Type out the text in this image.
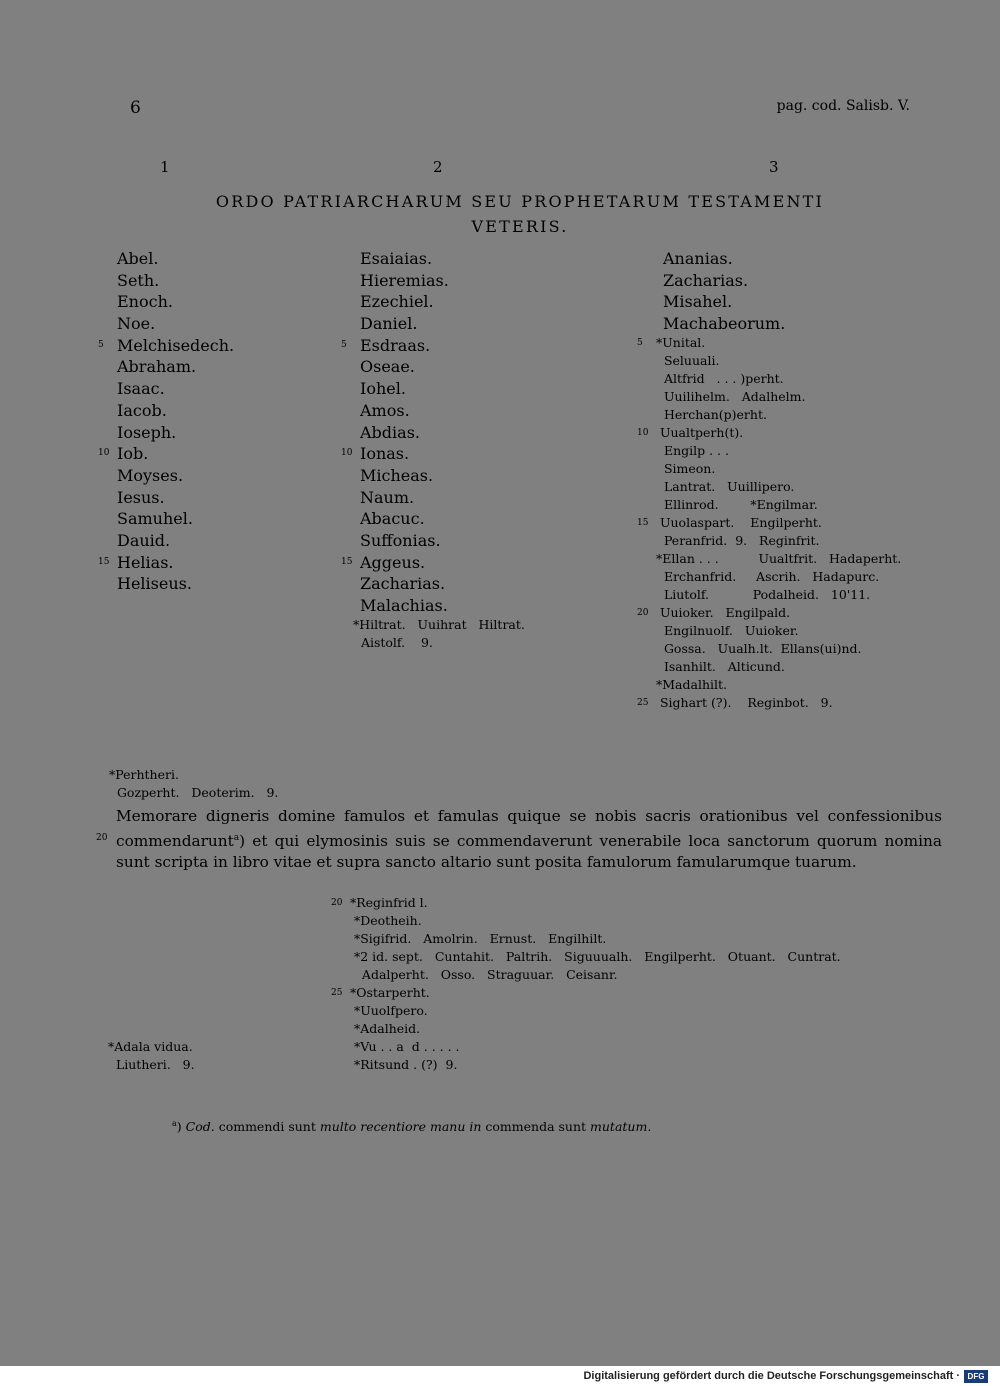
6	pag. cod. Salisb. V.
1	2	3
ORDO PATRIARCHARUM SEU PROPHETARUM TESTAMENTI
VETERIS.
Abel.
Seth.
Enoch.
Noe.
5 Melchisedech.
Abraham.
Isaac.
Iacob.
Ioseph.
10 Iob.
Moyses.
Iesus.
Samuhel.
Dauid.
15 Helias.
Heliseus.
Esaiaias.
Hieremias.
Ezechiel.
Daniel.
5 Esdraas.
Oseae.
Iohel.
Amos.
Abdias.
10 Ionas.
Micheas.
Naum.
Abacuc.
Suffonias.
15 Aggeus.
Zacharias.
Malachias.
*Hiltrat.   Uuihrat   Hiltrat.
Aistolf.    9.
Ananias.
Zacharias.
Misahel.
Machabeorum.
5 *Unital.
Seluuali.
Altfrid   . . . )perht.
Uuilihelm.   Adalhelm.
Herchan(p)erht.
10 Uualtperh(t).
Engilp . . .
Simeon.
Lantrat.   Uuillipero.
Ellinrod.        *Engilmar.
15 Uuolaspart.    Engilperht.
Peranfrid.  9.   Reginfrit.
*Ellan . . .          Uualtfrit.   Hadaperht.
Erchanfrid.     Ascrih.   Hadapurc.
Liutolf.           Podalheid.   10'11.
20 Uuioker.   Engilpald.
Engilnuolf.   Uuioker.
Gossa.   Uualh.lt.  Ellans(ui)nd.
Isanhilt.   Alticund.
*Madalhilt.
25 Sighart (?).    Reginbot.   9.
*Perhtheri.
Gozperht.   Deoterim.   9.
20
Memorare digneris domine famulos et famulas quique se nobis sacris orationibus vel confessionibus
commendarunt$^a$) et qui elymosinis suis se commendaverunt venerabile loca sanctorum quorum nomina
sunt scripta in libro vitae et supra sancto altario sunt posita famulorum famularumque tuarum.
20 *Reginfrid l.
*Deotheih.
*Sigifrid.   Amolrin.   Ernust.   Engilhilt.
*2 id. sept.   Cuntahit.   Paltrih.   Siguuualh.   Engilperht.   Otuant.   Cuntrat.
Adalperht.   Osso.   Straguuar.   Ceisanr.
25 *Ostarperht.
*Uuolfpero.
*Adalheid.
*Vu . . a  d . . . . .
*Ritsund . (?)  9.
*Adala vidua.
Liutheri.   9.
$^a$) Cod. commendi sunt multo recentiore manu in commenda sunt mutatum.
Digitalisierung gefördert durch die Deutsche Forschungsgemeinschaft · DFG
